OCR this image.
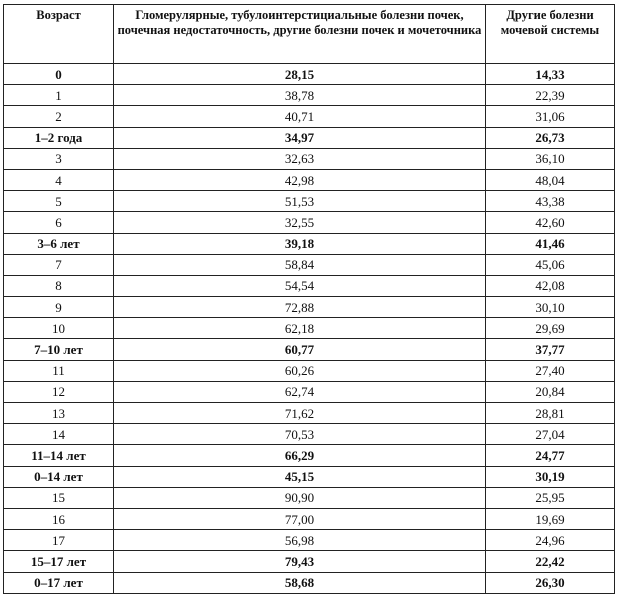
Возраст	Гломерулярные, тубулоинтерстициальные болезни почек, почечная недостаточность, другие болезни почек и мочеточника	Другие болезни мочевой системы
0	28,15	14,33
1	38,78	22,39
2	40,71	31,06
1–2 года	34,97	26,73
3	32,63	36,10
4	42,98	48,04
5	51,53	43,38
6	32,55	42,60
3–6 лет	39,18	41,46
7	58,84	45,06
8	54,54	42,08
9	72,88	30,10
10	62,18	29,69
7–10 лет	60,77	37,77
11	60,26	27,40
12	62,74	20,84
13	71,62	28,81
14	70,53	27,04
11–14 лет	66,29	24,77
0–14 лет	45,15	30,19
15	90,90	25,95
16	77,00	19,69
17	56,98	24,96
15–17 лет	79,43	22,42
0–17 лет	58,68	26,30
